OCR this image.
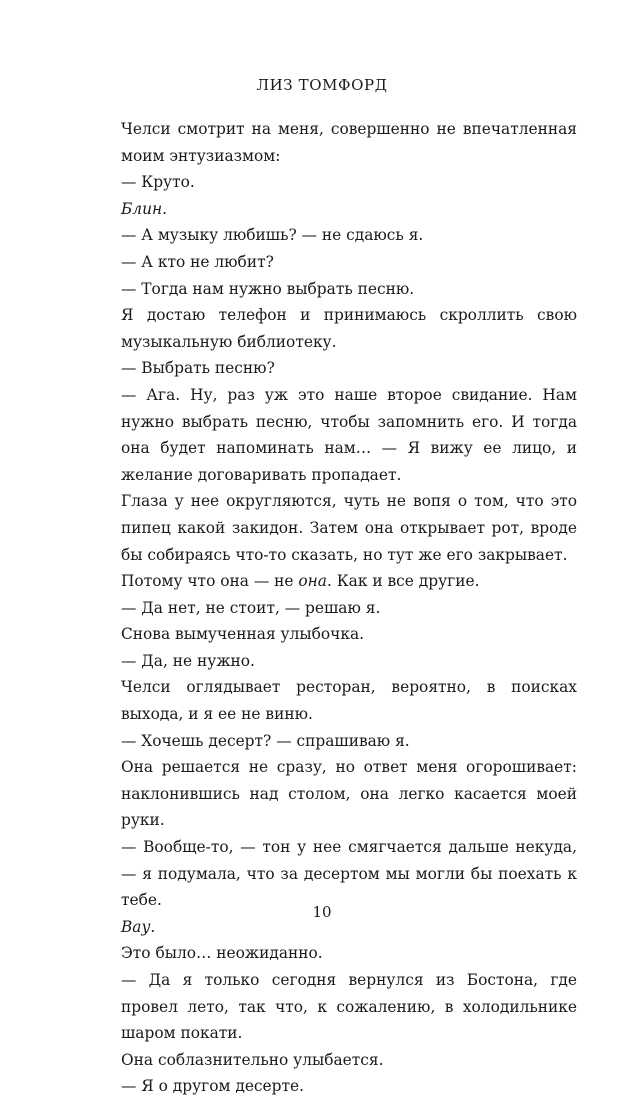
ЛИЗ ТОМФОРД

Челси смотрит на меня, совершенно не впечатленная моим энтузиазмом:

— Круто.

Блин.

— А музыку любишь? — не сдаюсь я.

— А кто не любит?

— Тогда нам нужно выбрать песню.

Я достаю телефон и принимаюсь скроллить свою музыкальную библиотеку.

— Выбрать песню?

— Ага. Ну, раз уж это наше второе свидание. Нам нужно выбрать песню, чтобы запомнить его. И тогда она будет напоминать нам… — Я вижу ее лицо, и желание договаривать пропадает.

Глаза у нее округляются, чуть не вопя о том, что это пипец какой закидон. Затем она открывает рот, вроде бы собираясь что-то сказать, но тут же его закрывает.

Потому что она — не она. Как и все другие.

— Да нет, не стоит, — решаю я.

Снова вымученная улыбочка.

— Да, не нужно.

Челси оглядывает ресторан, вероятно, в поисках выхода, и я ее не виню.

— Хочешь десерт? — спрашиваю я.

Она решается не сразу, но ответ меня огорошивает: наклонившись над столом, она легко касается моей руки.

— Вообще-то, — тон у нее смягчается дальше некуда, — я подумала, что за десертом мы могли бы поехать к тебе.

Вау.

Это было… неожиданно.

— Да я только сегодня вернулся из Бостона, где провел лето, так что, к сожалению, в холодильнике шаром покати.

Она соблазнительно улыбается.

— Я о другом десерте.

10
